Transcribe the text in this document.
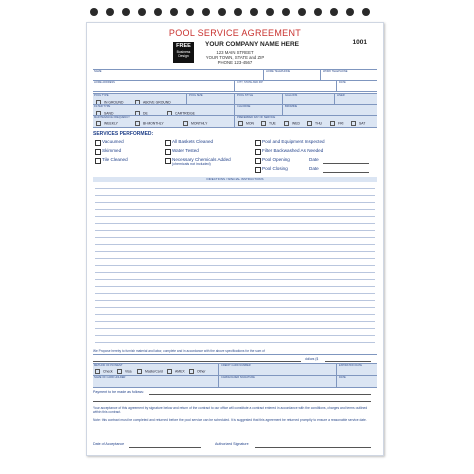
POOL SERVICE AGREEMENT
1001
FREE
Business
Design
YOUR COMPANY NAME HERE
123 MAIN STREET
YOUR TOWN, STATE and ZIP
PHONE 123-4567
NAME	HOME TELEPHONE	WORK TELEPHONE
HOME ADDRESS	CITY, STATE AND ZIP	DATE
POOL TYPE	POOL SIZE	POOL STYLE	GALLONS	LINER
IN GROUND	ABOVE GROUND
FILTER TYPE	CHLORINE	BROMINE
SAND	DE	CARTRIDGE
MAINTENANCE FREQUENCY	PREFERRED DAY OF SERVICE
WEEKLY	BI-MONTHLY	MONTHLY	MON	TUE	WED	THU	FRI	SAT
SERVICES PERFORMED:
Vacuumed
Skimmed
Tile Cleaned
All Baskets Cleaned
Water Tested
Necessary Chemicals Added
(chemicals not included)
Pool and Equipment Inspected
Filter Backwashed As Needed
Pool Opening	Date
Pool Closing	Date
DIRECTIONS / SPECIAL INSTRUCTIONS
We Propose hereby to furnish material and labor, complete and in accordance with the above specifications for the sum of
dollars ($
METHOD OF PAYMENT
Check	Visa	MasterCard	AMEX	Other
CREDIT CARD NUMBER	EXPIRATION DATE
NAME OF CARD HOLDER	CARDHOLDER SIGNATURE	DATE
Payment to be made as follows:
Your acceptance of this agreement by signature below and return of the contract to our office will constitute a contract entered in accordance with the conditions, charges and terms outlined within this contract.
Note: this contract must be completed and returned before the pool service can be scheduled. It is suggested that this agreement be returned promptly to ensure a reasonable service date.
Date of Acceptance	Authorized Signature
